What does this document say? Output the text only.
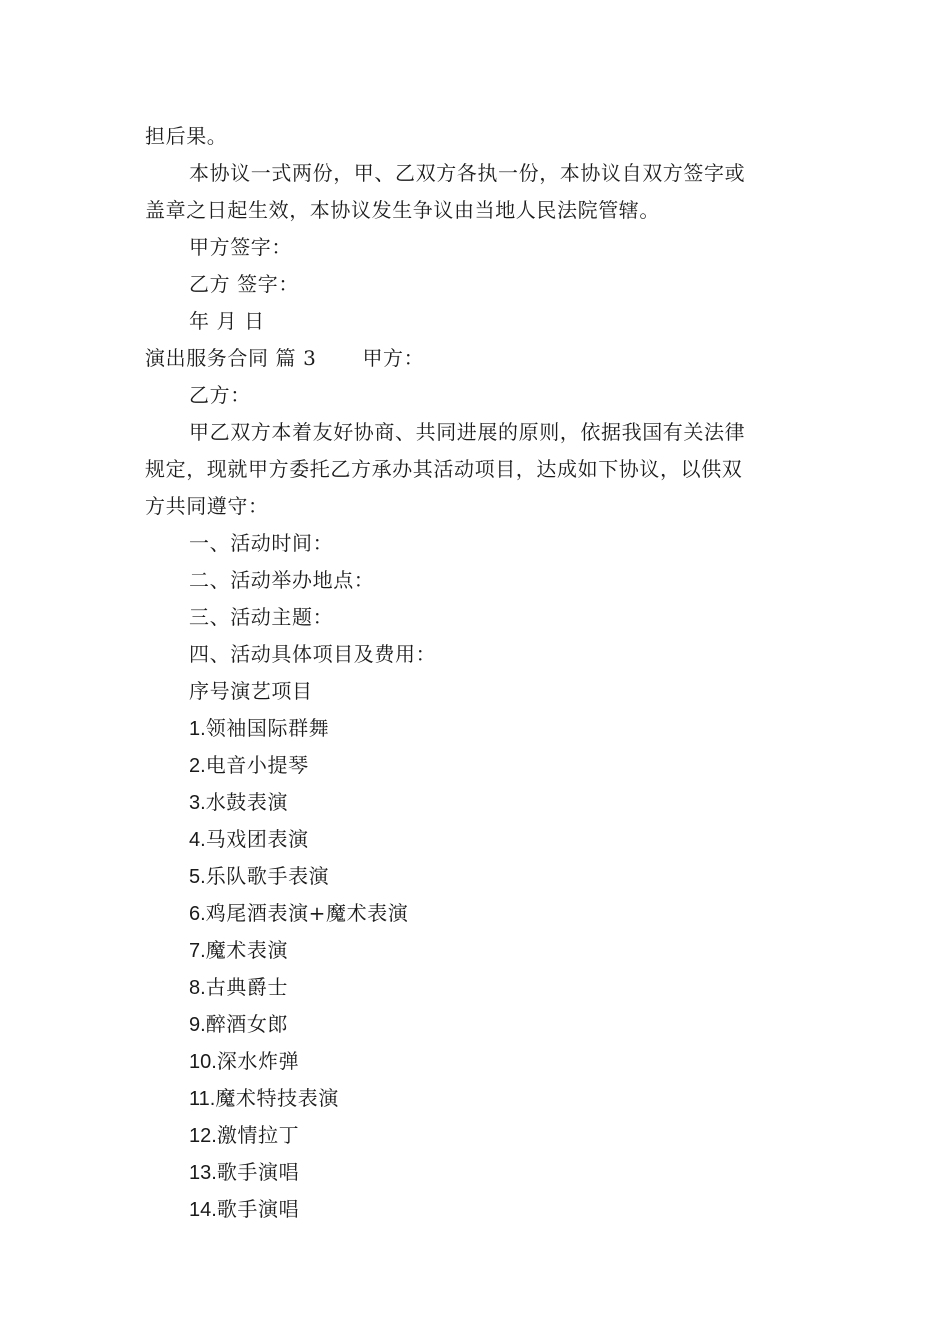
担后果。
本协议一式两份，甲、乙双方各执一份，本协议自双方签字或
盖章之日起生效，本协议发生争议由当地人民法院管辖。
甲方签字：
乙方 签字：
年 月 日
演出服务合同 篇 3 甲方：
乙方：
甲乙双方本着友好协商、共同进展的原则，依据我国有关法律
规定，现就甲方委托乙方承办其活动项目，达成如下协议，以供双
方共同遵守：
一、活动时间：
二、活动举办地点：
三、活动主题：
四、活动具体项目及费用：
序号演艺项目
1.领袖国际群舞
2.电音小提琴
3.水鼓表演
4.马戏团表演
5.乐队歌手表演
6.鸡尾酒表演+魔术表演
7.魔术表演
8.古典爵士
9.醉酒女郎
10.深水炸弹
11.魔术特技表演
12.激情拉丁
13.歌手演唱
14.歌手演唱
